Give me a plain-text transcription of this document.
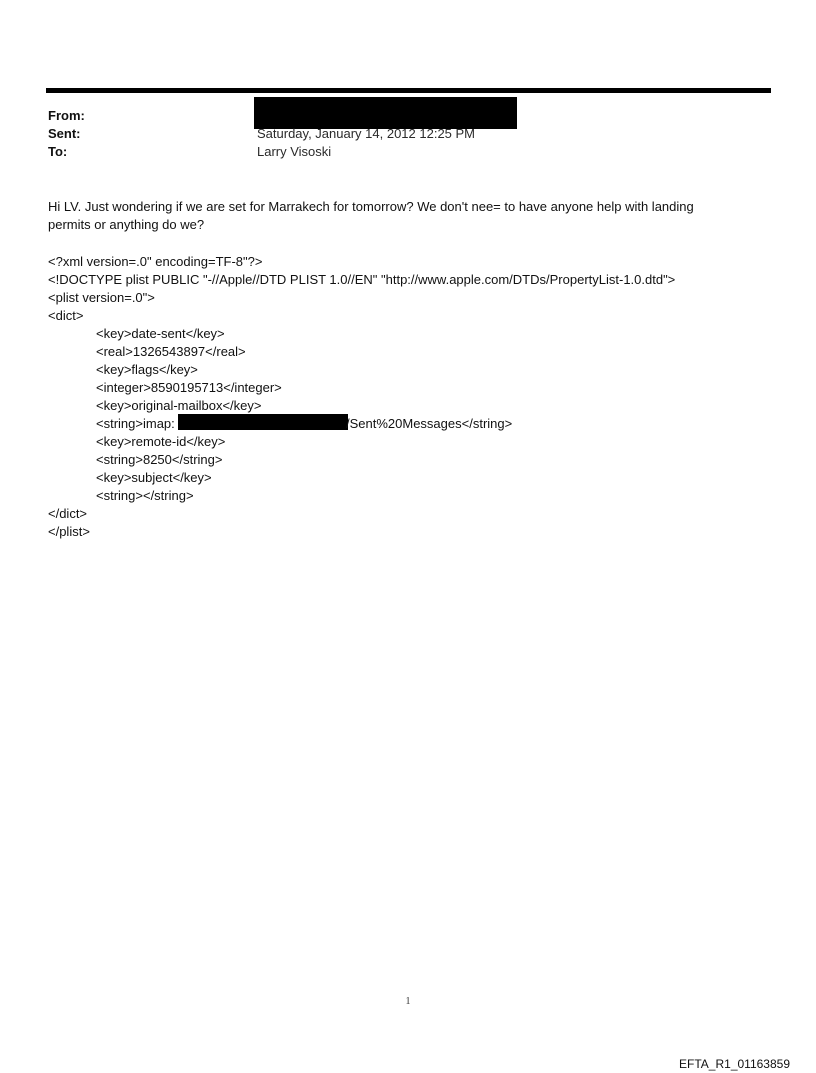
From:
Sent:	Saturday, January 14, 2012 12:25 PM
To:	Larry Visoski
Hi LV. Just wondering if we are set for Marrakech for tomorrow? We don't nee= to have anyone help with landing
permits or anything do we?
<?xml version=.0" encoding=TF-8"?>
<!DOCTYPE plist PUBLIC "-//Apple//DTD PLIST 1.0//EN" "http://www.apple.com/DTDs/PropertyList-1.0.dtd">
<plist version=.0">
<dict>
<key>date-sent</key>
<real>1326543897</real>
<key>flags</key>
<integer>8590195713</integer>
<key>original-mailbox</key>
<string>imap:	/Sent%20Messages</string>
<key>remote-id</key>
<string>8250</string>
<key>subject</key>
<string></string>
</dict>
</plist>
1
EFTA_R1_01163859
